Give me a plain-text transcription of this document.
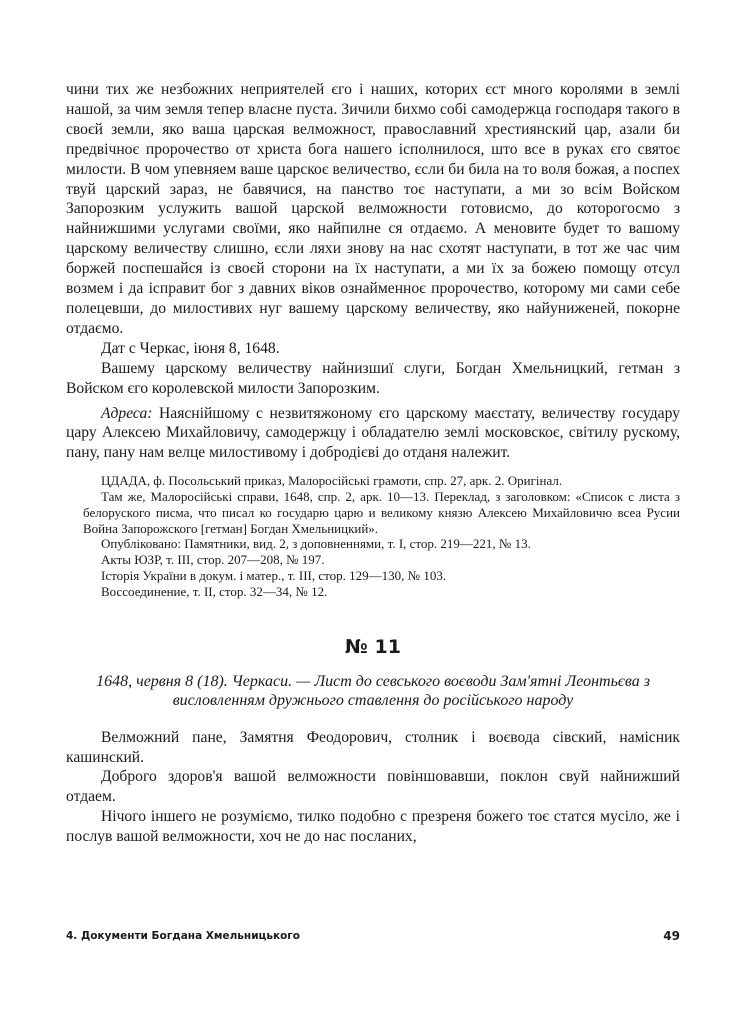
чини тих же незбожних неприятелей єго і наших, которих єст много королями в землі нашой, за чим земля тепер власне пуста. Зичили бихмо собі самодержца господаря такого в своєй земли, яко ваша царская велможност, православний хрестиянский цар, азали би предвічноє пророчество от христа бога нашего ісполнилося, што все в руках єго святоє милости. В чом упевняем ваше царскоє величество, єсли би била на то воля божая, а поспех твуй царский зараз, не бавячися, на панство тоє наступати, а ми зо всім Войском Запорозким услужить вашой царской велможности готовисмо, до которогосмо з найнижшими услугами своїми, яко найпилне ся отдаємо. А меновите будет то вашому царскому величеству слишно, єсли ляхи знову на нас схотят наступати, в тот же час чим боржей поспешайся із своєй сторони на їх наступати, а ми їх за божею помощу отсул возмем і да ісправит бог з давних віков ознайменноє пророчество, которому ми сами себе полецевши, до милостивих нуг вашему царскому величеству, яко найуниженей, покорне отдаємо.

Дат с Черкас, іюня 8, 1648.

Вашему царскому величеству найнизшиї слуги, Богдан Хмельницкий, гетман з Войском єго королевской милости Запорозким.

Адреса: Наяснійшому с незвитяжоному єго царскому маєстату, величеству государу цару Алексею Михайловичу, самодержцу і обладателю землі московскоє, світилу рускому, пану, пану нам велце милостивому і добродієві до отданя належит.

ЦДАДА, ф. Посольський приказ, Малоросійські грамоти, спр. 27, арк. 2. Оригінал.

Там же, Малоросійські справи, 1648, спр. 2, арк. 10—13. Переклад, з заголовком: «Список с листа з белоруского писма, что писал ко государю царю и великому князю Алексею Михайловичю всеа Русии Война Запорожского [гетман] Богдан Хмельницкий».

Опубліковано: Памятники, вид. 2, з доповненнями, т. I, стор. 219—221, № 13.

Акты ЮЗР, т. III, стор. 207—208, № 197.

Історія України в докум. і матер., т. III, стор. 129—130, № 103.

Воссоединение, т. II, стор. 32—34, № 12.

№ 11
1648, червня 8 (18). Черкаси. — Лист до севського воєводи Зам'ятні Леонтьєва з висловленням дружнього ставлення до російського народу

Велможний пане, Замятня Феодорович, столник і воєвода сівский, наміcник кашинский.

Доброго здоров'я вашой велможности повіншовавши, поклон свуй найнижший отдаем.

Нічого іншего не розуміємо, тилко подобно с презреня божего тоє статся мусіло, же і послув вашой велможности, хоч не до нас посланих,

4. Документи Богдана Хмельницького	49
